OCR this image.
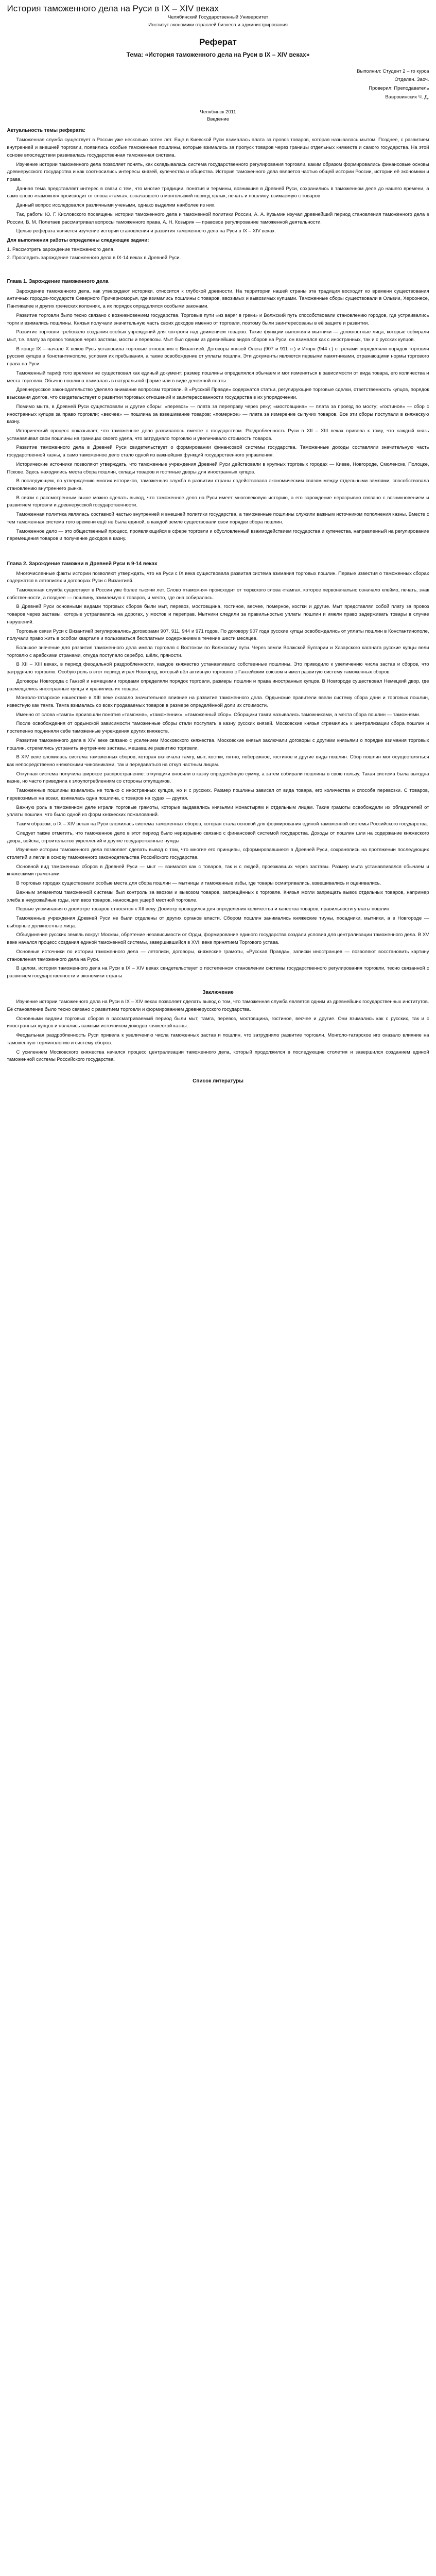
История таможенного дела на Руси в IX – XIV веках
Челябинский Государственный Университет
Институт экономики отраслей бизнеса и администрирования
Реферат
Тема: «История таможенного дела на Руси в IX – XIV веках»
Выполнил: Студент 2 – го курса
Отделен. Заоч.
Проверил: Преподаватель
Вавровинских Ч. Д.
Челябинск 2011
Введение
Актуальность темы реферата:

Таможенная служба существует в России уже несколько сотен лет. Еще в Киевской Руси взималась плата за провоз товаров, которая называлась мытом. Позднее, с развитием внутренней и внешней торговли, появились особые таможенные пошлины, которые взимались за пропуск товаров через границы отдельных княжеств и самого государства. На этой основе впоследствии развивалась государственная таможенная система.

Изучение истории таможенного дела позволяет понять, как складывалась система государственного регулирования торговли, каким образом формировались финансовые основы древнерусского государства и как соотносились интересы князей, купечества и общества. История таможенного дела является частью общей истории России, истории её экономики и права.

Данная тема представляет интерес в связи с тем, что многие традиции, понятия и термины, возникшие в Древней Руси, сохранились в таможенном деле до нашего времени, а само слово «таможня» происходит от слова «тамга», означавшего в монгольский период ярлык, печать и пошлину, взимаемую с товаров.

Данный вопрос исследовался различными учеными, однако выделим наиболее из них.

Так, работы Ю. Г. Кисловского посвящены истории таможенного дела и таможенной политики России, А. А. Кузьмин изучал древнейший период становления таможенного дела в России, В. М. Полетаев рассматривал вопросы таможенного права, А. Н. Козырин — правовое регулирование таможенной деятельности.

Целью реферата является изучение истории становления и развития таможенного дела на Руси в IX – XIV веках.

Для выполнения работы определены следующие задачи:

1. Рассмотреть зарождение таможенного дела.
2. Проследить зарождение таможенного дела в IX-14 веках в Древней Руси.
Глава 1. Зарождение таможенного дела

Зарождение таможенного дела, как утверждают историки, относится к глубокой древности. На территории нашей страны эта традиция восходит ко времени существования античных городов-государств Северного Причерноморья, где взимались пошлины с товаров, ввозимых и вывозимых купцами. Таможенные сборы существовали в Ольвии, Херсонесе, Пантикапее и других греческих колониях, а их порядок определялся особыми законами.

Развитие торговли было тесно связано с возникновением государства. Торговые пути «из варяг в греки» и Волжский путь способствовали становлению городов, где устраивались торги и взимались пошлины. Князья получали значительную часть своих доходов именно от торговли, поэтому были заинтересованы в её защите и развитии.

Развитие торговли требовало создания особых учреждений для контроля над движением товаров. Такие функции выполняли мытники — должностные лица, которые собирали мыт, т.е. плату за провоз товаров через заставы, мосты и перевозы. Мыт был одним из древнейших видов сборов на Руси, он взимался как с иностранных, так и с русских купцов.

В конце IX – начале X веков Русь установила торговые отношения с Византией. Договоры князей Олега (907 и 911 гг.) и Игоря (944 г.) с греками определяли порядок торговли русских купцов в Константинополе, условия их пребывания, а также освобождение от уплаты пошлин. Эти документы являются первыми памятниками, отражающими нормы торгового права на Руси.

Таможенный тариф того времени не существовал как единый документ; размер пошлины определялся обычаем и мог изменяться в зависимости от вида товара, его количества и места торговли. Обычно пошлина взималась в натуральной форме или в виде денежной платы.

Древнерусское законодательство уделяло внимание вопросам торговли. В «Русской Правде» содержатся статьи, регулирующие торговые сделки, ответственность купцов, порядок взыскания долгов, что свидетельствует о развитии торговых отношений и заинтересованности государства в их упорядочении.

Помимо мыта, в Древней Руси существовали и другие сборы: «перевоз» — плата за переправу через реку; «мостовщина» — плата за проезд по мосту; «гостиное» — сбор с иностранных купцов за право торговли; «весчее» — пошлина за взвешивание товаров; «померное» — плата за измерение сыпучих товаров. Все эти сборы поступали в княжескую казну.

Исторический процесс показывает, что таможенное дело развивалось вместе с государством. Раздробленность Руси в XII – XIII веках привела к тому, что каждый князь устанавливал свои пошлины на границах своего удела, что затрудняло торговлю и увеличивало стоимость товаров.

Развитие таможенного дела в Древней Руси свидетельствует о формировании финансовой системы государства. Таможенные доходы составляли значительную часть государственной казны, а само таможенное дело стало одной из важнейших функций государственного управления.

Исторические источники позволяют утверждать, что таможенные учреждения Древней Руси действовали в крупных торговых городах — Киеве, Новгороде, Смоленске, Полоцке, Пскове. Здесь находились места сбора пошлин, склады товаров и гостиные дворы для иностранных купцов.

В последующем, по утверждению многих историков, таможенная служба в развитии страны содействовала экономическим связям между отдельными землями, способствовала становлению внутреннего рынка.

В связи с рассмотренным выше можно сделать вывод, что таможенное дело на Руси имеет многовековую историю, а его зарождение неразрывно связано с возникновением и развитием торговли и древнерусской государственности.

Таможенная политика являлась составной частью внутренней и внешней политики государства, а таможенные пошлины служили важным источником пополнения казны. Вместе с тем таможенная система того времени ещё не была единой, в каждой земле существовали свои порядки сбора пошлин.

Таможенное дело — это общественный процесс, проявляющийся в сфере торговли и обусловленный взаимодействием государства и купечества, направленный на регулирование перемещения товаров и получение доходов в казну.

Глава 2. Зарождение таможни в Древней Руси в 9-14 веках

Многочисленные факты истории позволяют утверждать, что на Руси с IX века существовала развитая система взимания торговых пошлин. Первые известия о таможенных сборах содержатся в летописях и договорах Руси с Византией.

Таможенная служба существует в России уже более тысячи лет. Слово «таможня» происходит от тюркского слова «тамга», которое первоначально означало клеймо, печать, знак собственности, а позднее — пошлину, взимаемую с товаров, и место, где она собиралась.

В Древней Руси основными видами торговых сборов были мыт, перевоз, мостовщина, гостиное, весчее, померное, костки и другие. Мыт представлял собой плату за провоз товаров через заставы, которые устраивались на дорогах, у мостов и переправ. Мытники следили за правильностью уплаты пошлин и имели право задерживать товары в случае нарушений.

Торговые связи Руси с Византией регулировались договорами 907, 911, 944 и 971 годов. По договору 907 года русские купцы освобождались от уплаты пошлин в Константинополе, получали право жить в особом квартале и пользоваться бесплатным содержанием в течение шести месяцев.

Большое значение для развития таможенного дела имела торговля с Востоком по Волжскому пути. Через земли Волжской Булгарии и Хазарского каганата русские купцы вели торговлю с арабскими странами, откуда поступало серебро, шёлк, пряности.

В XII – XIII веках, в период феодальной раздробленности, каждое княжество устанавливало собственные пошлины. Это приводило к увеличению числа застав и сборов, что затрудняло торговлю. Особую роль в этот период играл Новгород, который вёл активную торговлю с Ганзейским союзом и имел развитую систему таможенных сборов.

Договоры Новгорода с Ганзой и немецкими городами определяли порядок торговли, размеры пошлин и права иностранных купцов. В Новгороде существовал Немецкий двор, где размещались иностранные купцы и хранились их товары.

Монголо-татарское нашествие в XIII веке оказало значительное влияние на развитие таможенного дела. Ордынские правители ввели систему сбора дани и торговых пошлин, известную как тамга. Тамга взималась со всех продаваемых товаров в размере определённой доли их стоимости.

Именно от слова «тамга» произошли понятия «таможня», «таможенник», «таможенный сбор». Сборщики тамги назывались таможниками, а места сбора пошлин — таможнями.

После освобождения от ордынской зависимости таможенные сборы стали поступать в казну русских князей. Московские князья стремились к централизации сбора пошлин и постепенно подчиняли себе таможенные учреждения других княжеств.

Развитие таможенного дела в XIV веке связано с усилением Московского княжества. Московские князья заключали договоры с другими князьями о порядке взимания торговых пошлин, стремились устранить внутренние заставы, мешавшие развитию торговли.

В XIV веке сложилась система таможенных сборов, которая включала тамгу, мыт, костки, пятно, побережное, гостиное и другие виды пошлин. Сбор пошлин мог осуществляться как непосредственно княжескими чиновниками, так и передаваться на откуп частным лицам.

Откупная система получила широкое распространение: откупщики вносили в казну определённую сумму, а затем собирали пошлины в свою пользу. Такая система была выгодна казне, но часто приводила к злоупотреблениям со стороны откупщиков.

Таможенные пошлины взимались не только с иностранных купцов, но и с русских. Размер пошлины зависел от вида товара, его количества и способа перевозки. С товаров, перевозимых на возах, взималась одна пошлина, с товаров на судах — другая.

Важную роль в таможенном деле играли торговые грамоты, которые выдавались князьями монастырям и отдельным лицам. Такие грамоты освобождали их обладателей от уплаты пошлин, что было одной из форм княжеских пожалований.

Таким образом, в IX – XIV веках на Руси сложилась система таможенных сборов, которая стала основой для формирования единой таможенной системы Российского государства.

Следует также отметить, что таможенное дело в этот период было неразрывно связано с финансовой системой государства. Доходы от пошлин шли на содержание княжеского двора, войска, строительство укреплений и другие государственные нужды.

Изучение истории таможенного дела позволяет сделать вывод о том, что многие его принципы, сформировавшиеся в Древней Руси, сохранялись на протяжении последующих столетий и легли в основу таможенного законодательства Российского государства.

Основной вид таможенных сборов в Древней Руси — мыт — взимался как с товаров, так и с людей, проезжавших через заставы. Размер мыта устанавливался обычаем и княжескими грамотами.

В торговых городах существовали особые места для сбора пошлин — мытницы и таможенные избы, где товары осматривались, взвешивались и оценивались.

Важным элементом таможенной системы был контроль за ввозом и вывозом товаров, запрещённых к торговле. Князья могли запрещать вывоз отдельных товаров, например хлеба в неурожайные годы, или ввоз товаров, наносящих ущерб местной торговле.

Первые упоминания о досмотре товаров относятся к XII веку. Досмотр проводился для определения количества и качества товаров, правильности уплаты пошлин.

Таможенные учреждения Древней Руси не были отделены от других органов власти. Сбором пошлин занимались княжеские тиуны, посадники, мытники, а в Новгороде — выборные должностные лица.

Объединение русских земель вокруг Москвы, обретение независимости от Орды, формирование единого государства создали условия для централизации таможенного дела. В XV веке начался процесс создания единой таможенной системы, завершившийся в XVII веке принятием Торгового устава.

Основные источники по истории таможенного дела — летописи, договоры, княжеские грамоты, «Русская Правда», записки иностранцев — позволяют восстановить картину становления таможенного дела на Руси.

В целом, история таможенного дела на Руси в IX – XIV веках свидетельствует о постепенном становлении системы государственного регулирования торговли, тесно связанной с развитием государственности и экономики страны.

Заключение

Изучение истории таможенного дела на Руси в IX – XIV веках позволяет сделать вывод о том, что таможенная служба является одним из древнейших государственных институтов. Её становление было тесно связано с развитием торговли и формированием древнерусского государства.

Основными видами торговых сборов в рассматриваемый период были мыт, тамга, перевоз, мостовщина, гостиное, весчее и другие. Они взимались как с русских, так и с иностранных купцов и являлись важным источником доходов княжеской казны.

Феодальная раздробленность Руси привела к увеличению числа таможенных застав и пошлин, что затрудняло развитие торговли. Монголо-татарское иго оказало влияние на таможенную терминологию и систему сборов.

С усилением Московского княжества начался процесс централизации таможенного дела, который продолжился в последующие столетия и завершился созданием единой таможенной системы Российского государства.

Список литературы
